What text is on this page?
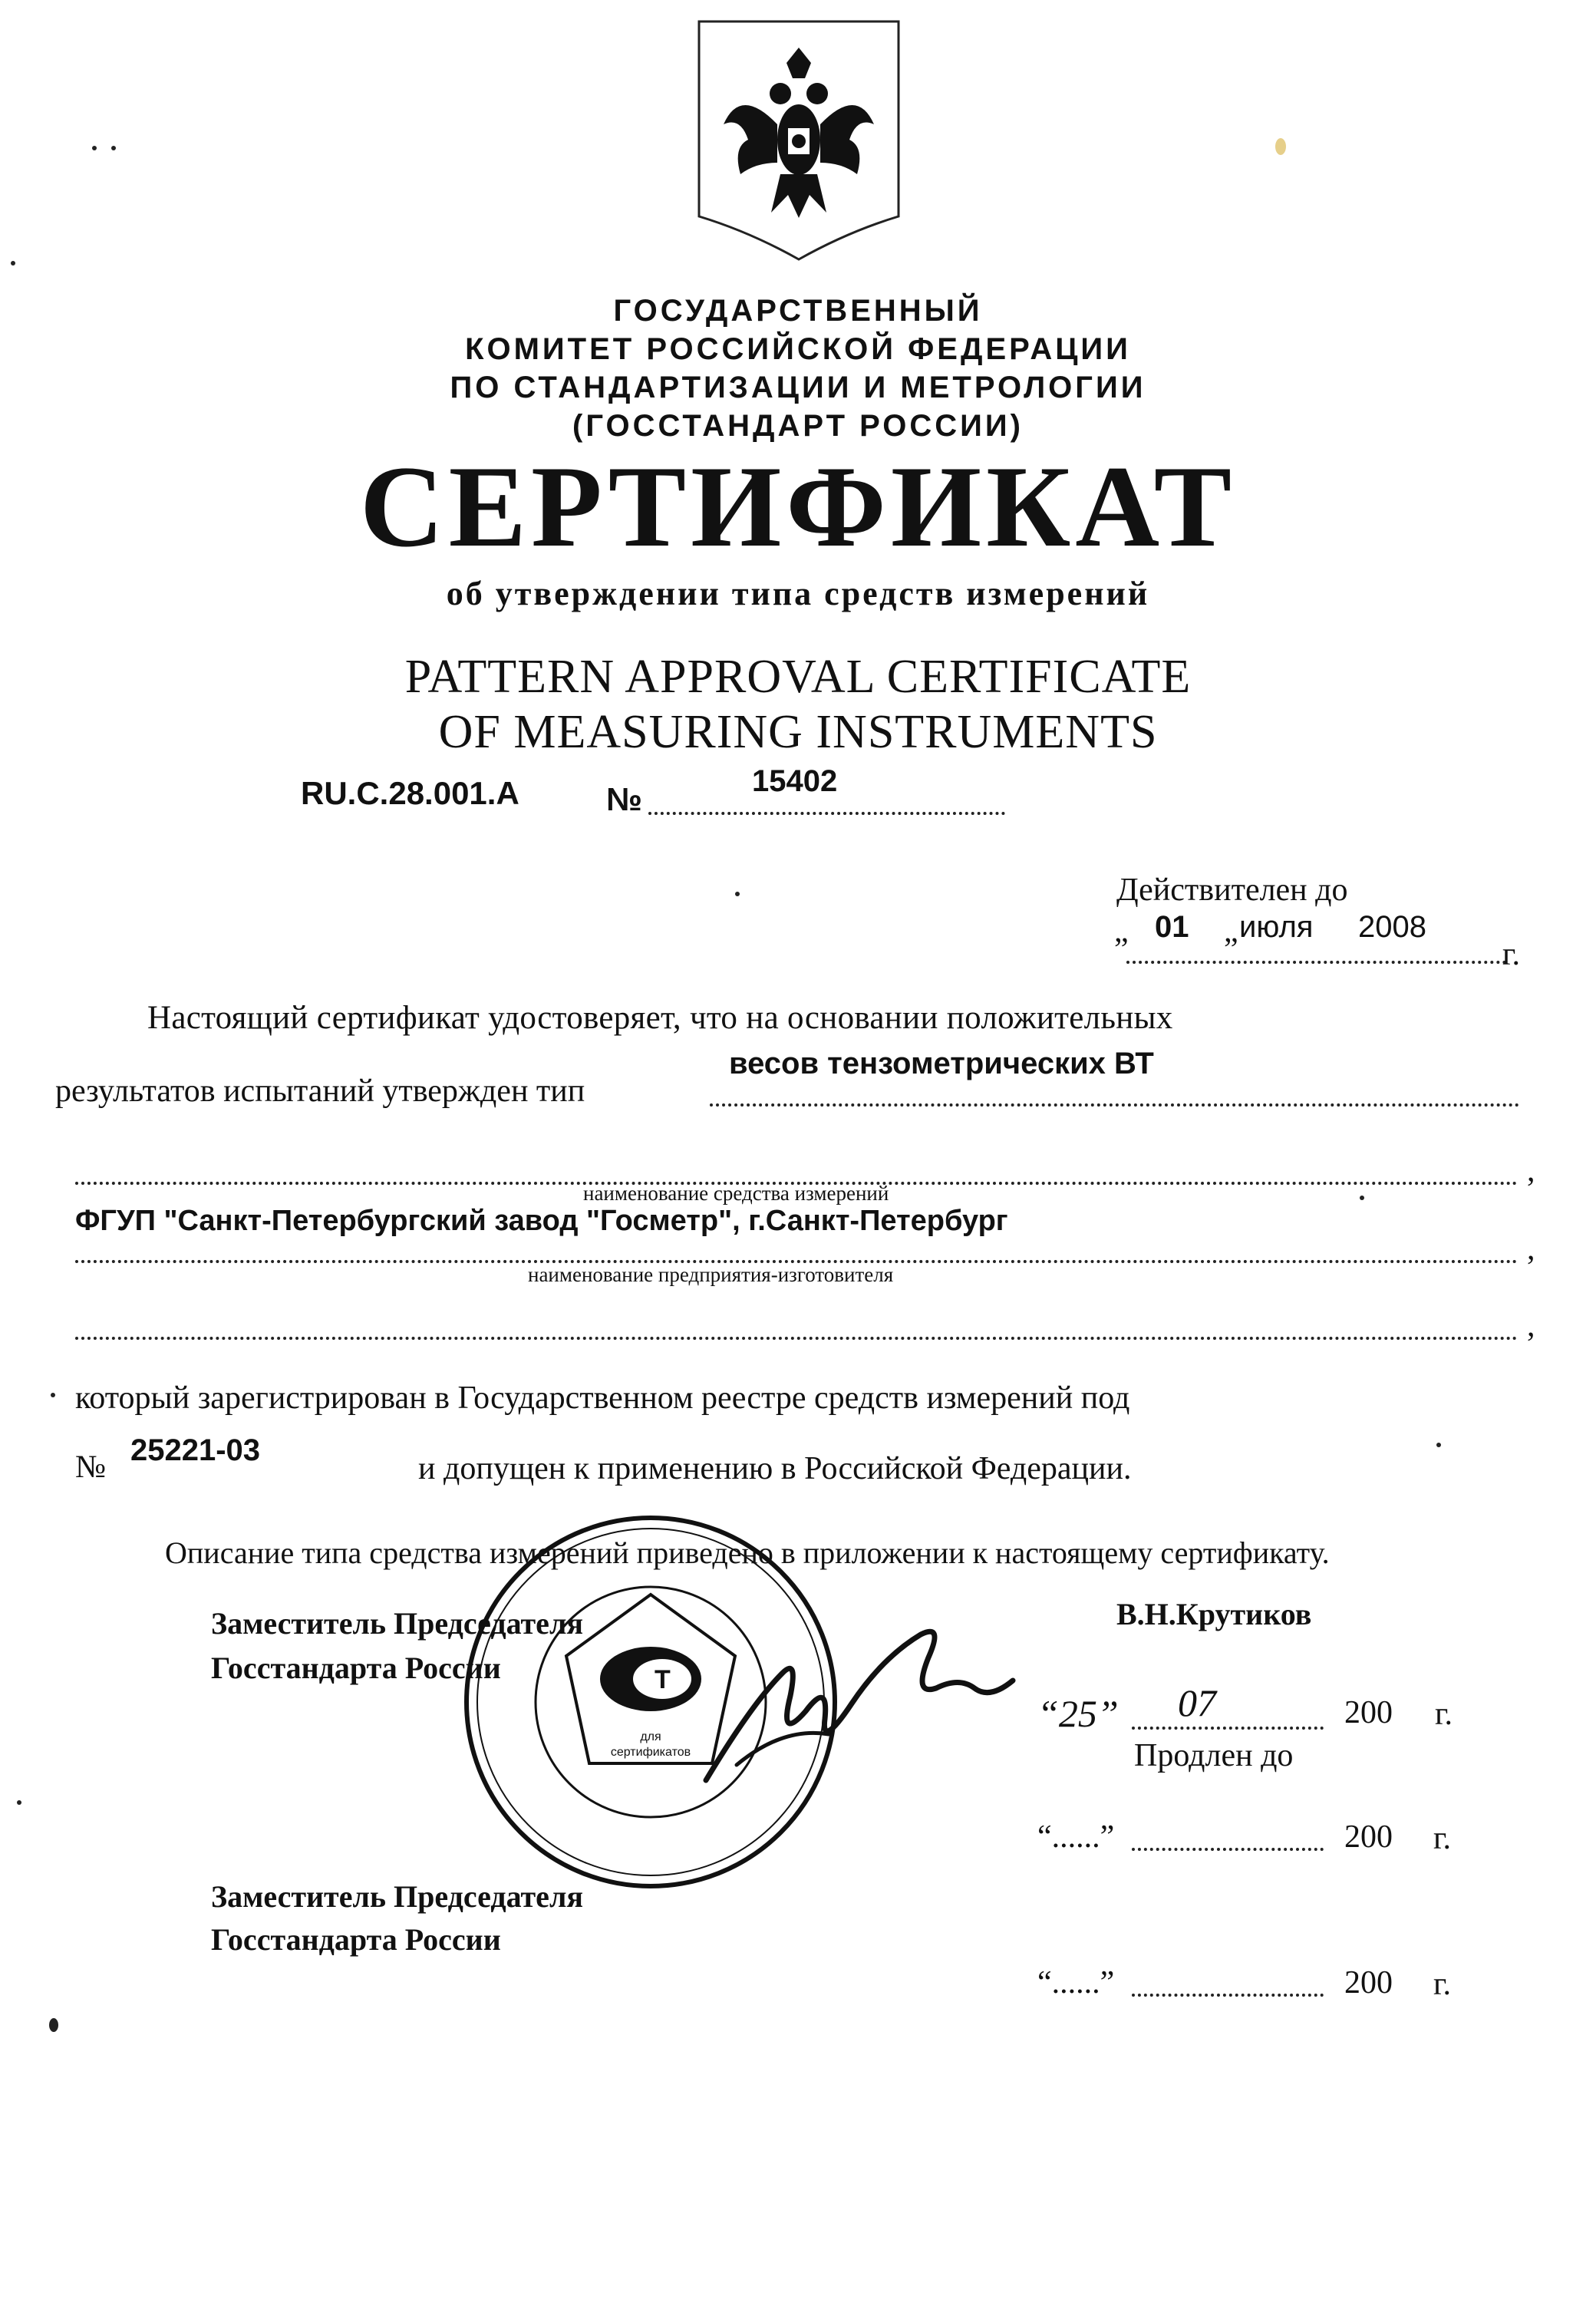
ГОСУДАРСТВЕННЫЙ
КОМИТЕТ РОССИЙСКОЙ ФЕДЕРАЦИИ
ПО СТАНДАРТИЗАЦИИ И МЕТРОЛОГИИ
(ГОССТАНДАРТ РОССИИ)
СЕРТИФИКАТ
об утверждении типа средств измерений
PATTERN APPROVAL CERTIFICATE
OF MEASURING INSTRUMENTS
RU.C.28.001.A	№	15402
Действителен до
„ 01 „ июля 2008
г.
Настоящий сертификат удостоверяет, что на основании положительных
результатов испытаний утвержден тип
весов тензометрических ВТ
,
наименование средства измерений
ФГУП "Санкт-Петербургский завод "Госметр", г.Санкт-Петербург
,
наименование предприятия-изготовителя
,
который зарегистрирован в Государственном реестре средств измерений под
№ 25221-03
и допущен к применению в Российской Федерации.
Описание типа средства измерений приведено в приложении к настоящему сертификату.
Заместитель Председателя
Госстандарта России
В.Н.Крутиков
“25” 07	200 г.
Продлен до
“......”	200 г.
Заместитель Председателя
Госстандарта России
“......”	200 г.
Т
для
сертификатов
